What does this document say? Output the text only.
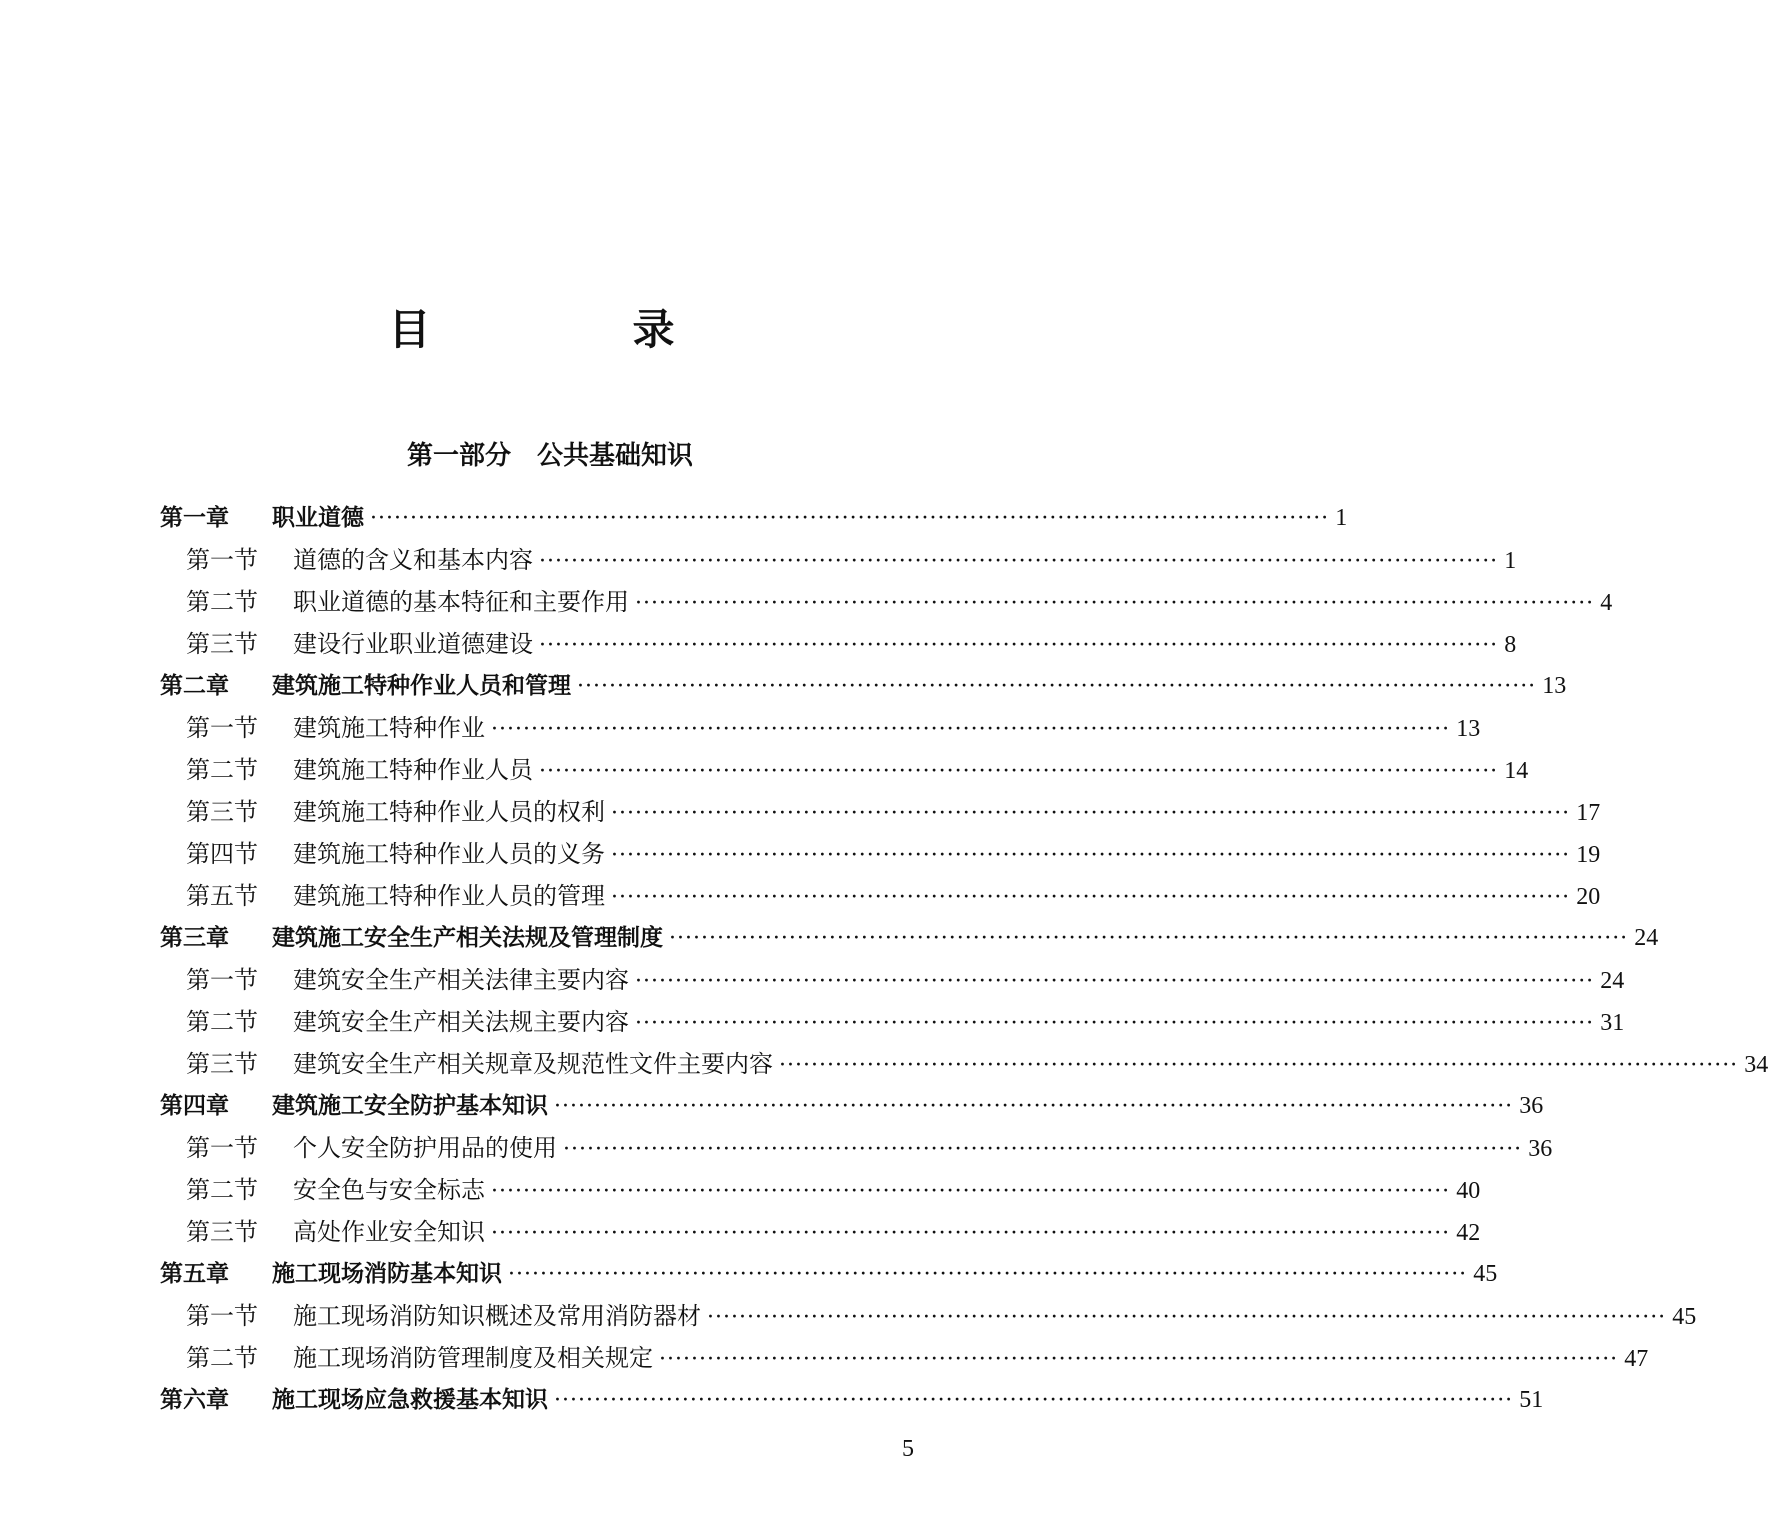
目　录
第一部分　公共基础知识
第一章	职业道德 ························································································································ 1
第一节	道德的含义和基本内容 ························································································································ 1
第二节	职业道德的基本特征和主要作用 ························································································································ 4
第三节	建设行业职业道德建设 ························································································································ 8
第二章	建筑施工特种作业人员和管理 ························································································································ 13
第一节	建筑施工特种作业 ························································································································ 13
第二节	建筑施工特种作业人员 ························································································································ 14
第三节	建筑施工特种作业人员的权利 ························································································································ 17
第四节	建筑施工特种作业人员的义务 ························································································································ 19
第五节	建筑施工特种作业人员的管理 ························································································································ 20
第三章	建筑施工安全生产相关法规及管理制度 ························································································································ 24
第一节	建筑安全生产相关法律主要内容 ························································································································ 24
第二节	建筑安全生产相关法规主要内容 ························································································································ 31
第三节	建筑安全生产相关规章及规范性文件主要内容 ························································································································ 34
第四章	建筑施工安全防护基本知识 ························································································································ 36
第一节	个人安全防护用品的使用 ························································································································ 36
第二节	安全色与安全标志 ························································································································ 40
第三节	高处作业安全知识 ························································································································ 42
第五章	施工现场消防基本知识 ························································································································ 45
第一节	施工现场消防知识概述及常用消防器材 ························································································································ 45
第二节	施工现场消防管理制度及相关规定 ························································································································ 47
第六章	施工现场应急救援基本知识 ························································································································ 51
5
